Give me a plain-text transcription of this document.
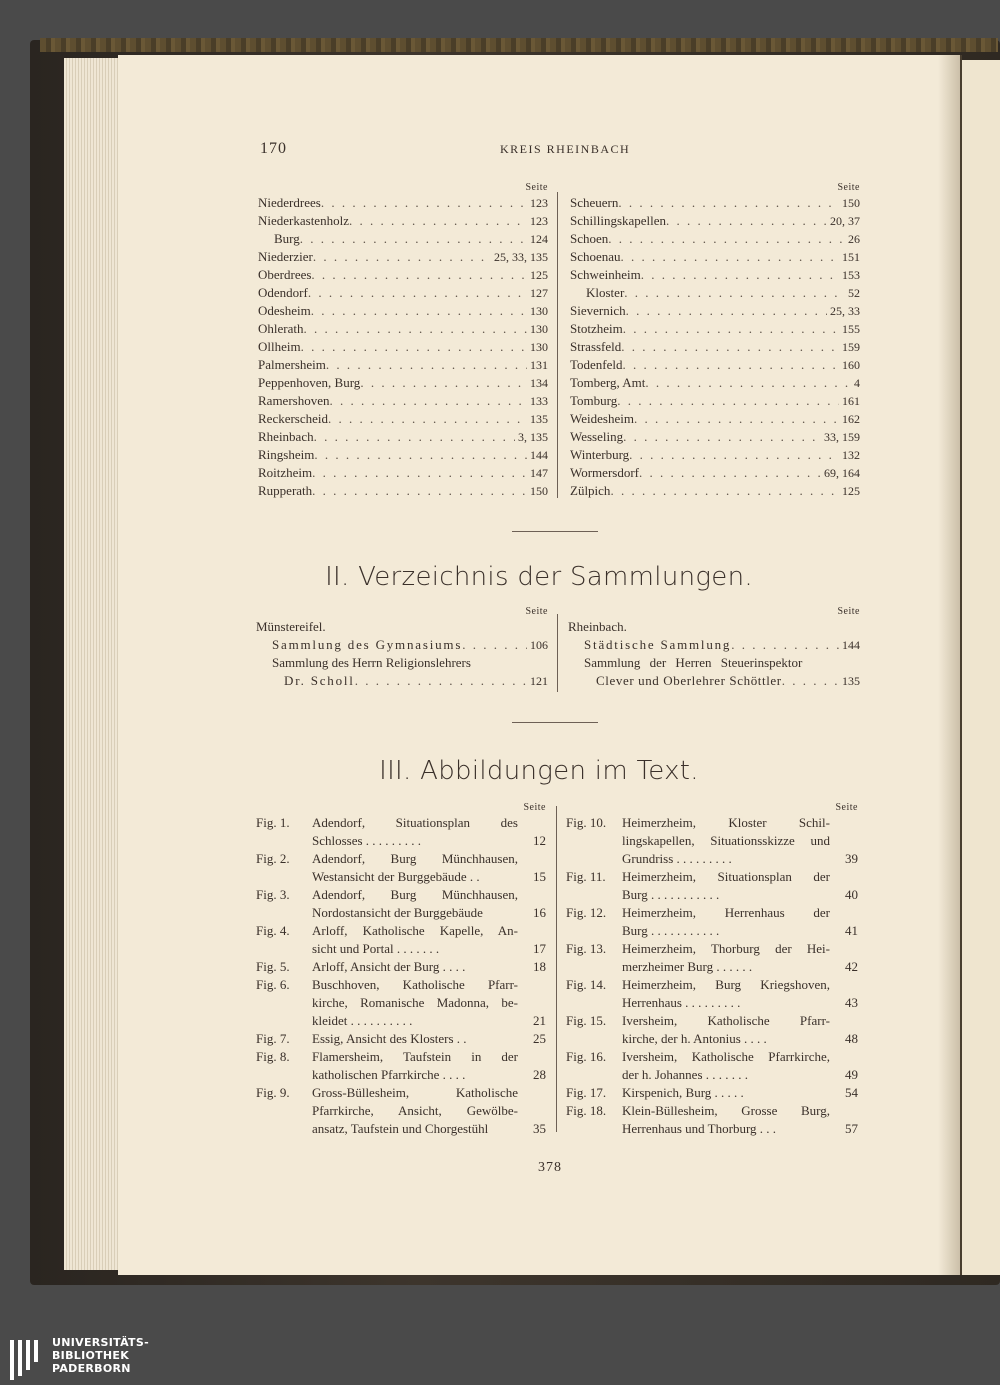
170	KREIS RHEINBACH
Seite
Niederdrees . . .	123
Niederkastenholz . . .	123
Burg . . .	124
Niederzier . . .	25, 33, 135
Oberdrees . . .	125
Odendorf . . .	127
Odesheim . . .	130
Ohlerath . . .	130
Ollheim . . .	130
Palmersheim . . .	131
Peppenhoven, Burg . . .	134
Ramershoven . . .	133
Reckerscheid . . .	135
Rheinbach . . .	3, 135
Ringsheim . . .	144
Roitzheim . . .	147
Rupperath . . .	150
Seite
Scheuern . . .	150
Schillingskapellen . . .	20, 37
Schoen . . .	26
Schoenau . . .	151
Schweinheim . . .	153
Kloster . . .	52
Sievernich . . .	25, 33
Stotzheim . . .	155
Strassfeld . . .	159
Todenfeld . . .	160
Tomberg, Amt . . .	4
Tomburg . . .	161
Weidesheim . . .	162
Wesseling . . .	33, 159
Winterburg . . .	132
Wormersdorf . . .	69, 164
Zülpich . . .	125
II. Verzeichnis der Sammlungen.
Seite
Münstereifel.
Sammlung des Gymnasiums . . .	106
Sammlung des Herrn Religionslehrers
Dr. Scholl . . .	121
Seite
Rheinbach.
Städtische Sammlung . . .	144
Sammlung der Herren Steuerinspektor
Clever und Oberlehrer Schöttler . . .	135
III. Abbildungen im Text.
Seite
Fig. 1.	Adendorf, Situationsplan des
Schlosses . . . . . . . . .	12
Fig. 2.	Adendorf, Burg Münchhausen,
Westansicht der Burggebäude . .	15
Fig. 3.	Adendorf, Burg Münchhausen,
Nordostansicht der Burggebäude	16
Fig. 4.	Arloff, Katholische Kapelle, An-
sicht und Portal . . . . . . .	17
Fig. 5.	Arloff, Ansicht der Burg . . . .	18
Fig. 6.	Buschhoven, Katholische Pfarr-
kirche, Romanische Madonna, be-
kleidet . . . . . . . . . .	21
Fig. 7.	Essig, Ansicht des Klosters . .	25
Fig. 8.	Flamersheim, Taufstein in der
katholischen Pfarrkirche . . . .	28
Fig. 9.	Gross-Büllesheim, Katholische
Pfarrkirche, Ansicht, Gewölbe-
ansatz, Taufstein und Chorgestühl	35
Seite
Fig. 10.	Heimerzheim, Kloster Schil-
lingskapellen, Situationsskizze und
Grundriss . . . . . . . . .	39
Fig. 11.	Heimerzheim, Situationsplan der
Burg . . . . . . . . . . .	40
Fig. 12.	Heimerzheim, Herrenhaus der
Burg . . . . . . . . . . .	41
Fig. 13.	Heimerzheim, Thorburg der Hei-
merzheimer Burg . . . . . .	42
Fig. 14.	Heimerzheim, Burg Kriegshoven,
Herrenhaus . . . . . . . . .	43
Fig. 15.	Iversheim, Katholische Pfarr-
kirche, der h. Antonius . . . .	48
Fig. 16.	Iversheim, Katholische Pfarrkirche,
der h. Johannes . . . . . . .	49
Fig. 17.	Kirspenich, Burg . . . . .	54
Fig. 18.	Klein-Büllesheim, Grosse Burg,
Herrenhaus und Thorburg . . .	57
378
UNIVERSITÄTS-
BIBLIOTHEK
PADERBORN
